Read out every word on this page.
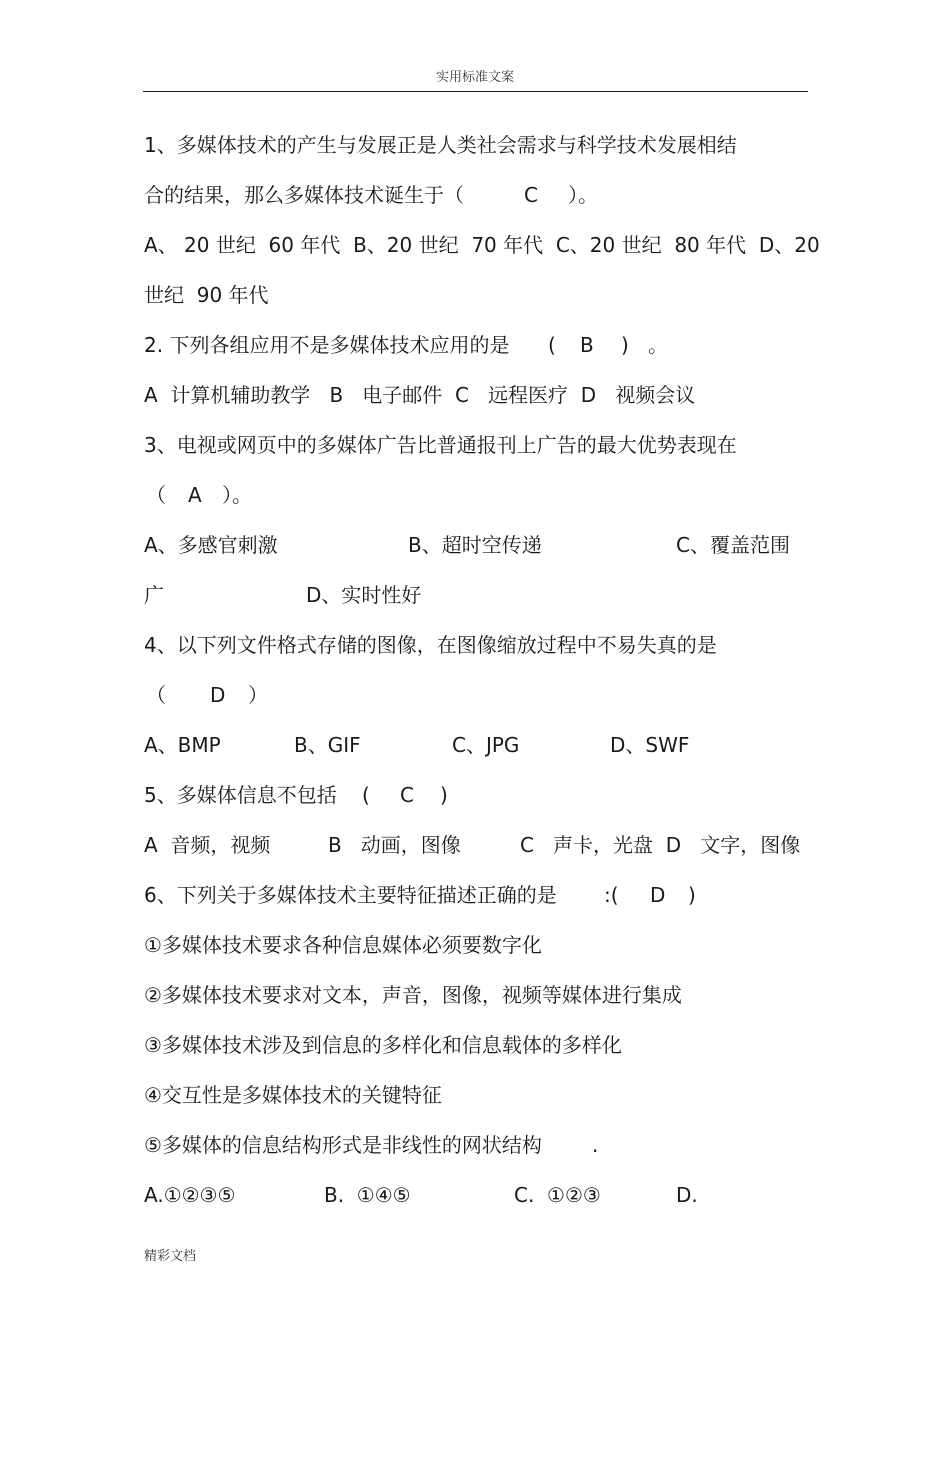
实用标准文案
1、多媒体技术的产生与发展正是人类社会需求与科学技术发展相结

合的结果，那么多媒体技术诞生于（

	C

）。

A、 20 世纪  60 年代  B、20 世纪  70 年代  C、20 世纪  80 年代  D、20
世纪  90 年代

2. 下列各组应用不是多媒体技术应用的是

(

B

)

。

A  计算机辅助教学   B   电子邮件  C   远程医疗  D   视频会议
3、电视或网页中的多媒体广告比普通报刊上广告的最大优势表现在

（

A

）。

A、多感官刺激

	B、超时空传递

	C、覆盖范围

广

	D、实时性好

4、以下列文件格式存储的图像，在图像缩放过程中不易失真的是

（

D

）

A、BMP

	B、GIF

	C、JPG

	D、SWF

5、多媒体信息不包括

(

C

)

A  音频，视频

	B   动画，图像

	C   声卡，光盘  D   文字，图像

6、下列关于多媒体技术主要特征描述正确的是

:(

D

)

①多媒体技术要求各种信息媒体必须要数字化
②多媒体技术要求对文本，声音，图像，视频等媒体进行集成
③多媒体技术涉及到信息的多样化和信息载体的多样化
④交互性是多媒体技术的关键特征

⑤多媒体的信息结构形式是非线性的网状结构

	.

A.①②③⑤

	B.  ①④⑤

	C.  ①②③

	D.

精彩文档
